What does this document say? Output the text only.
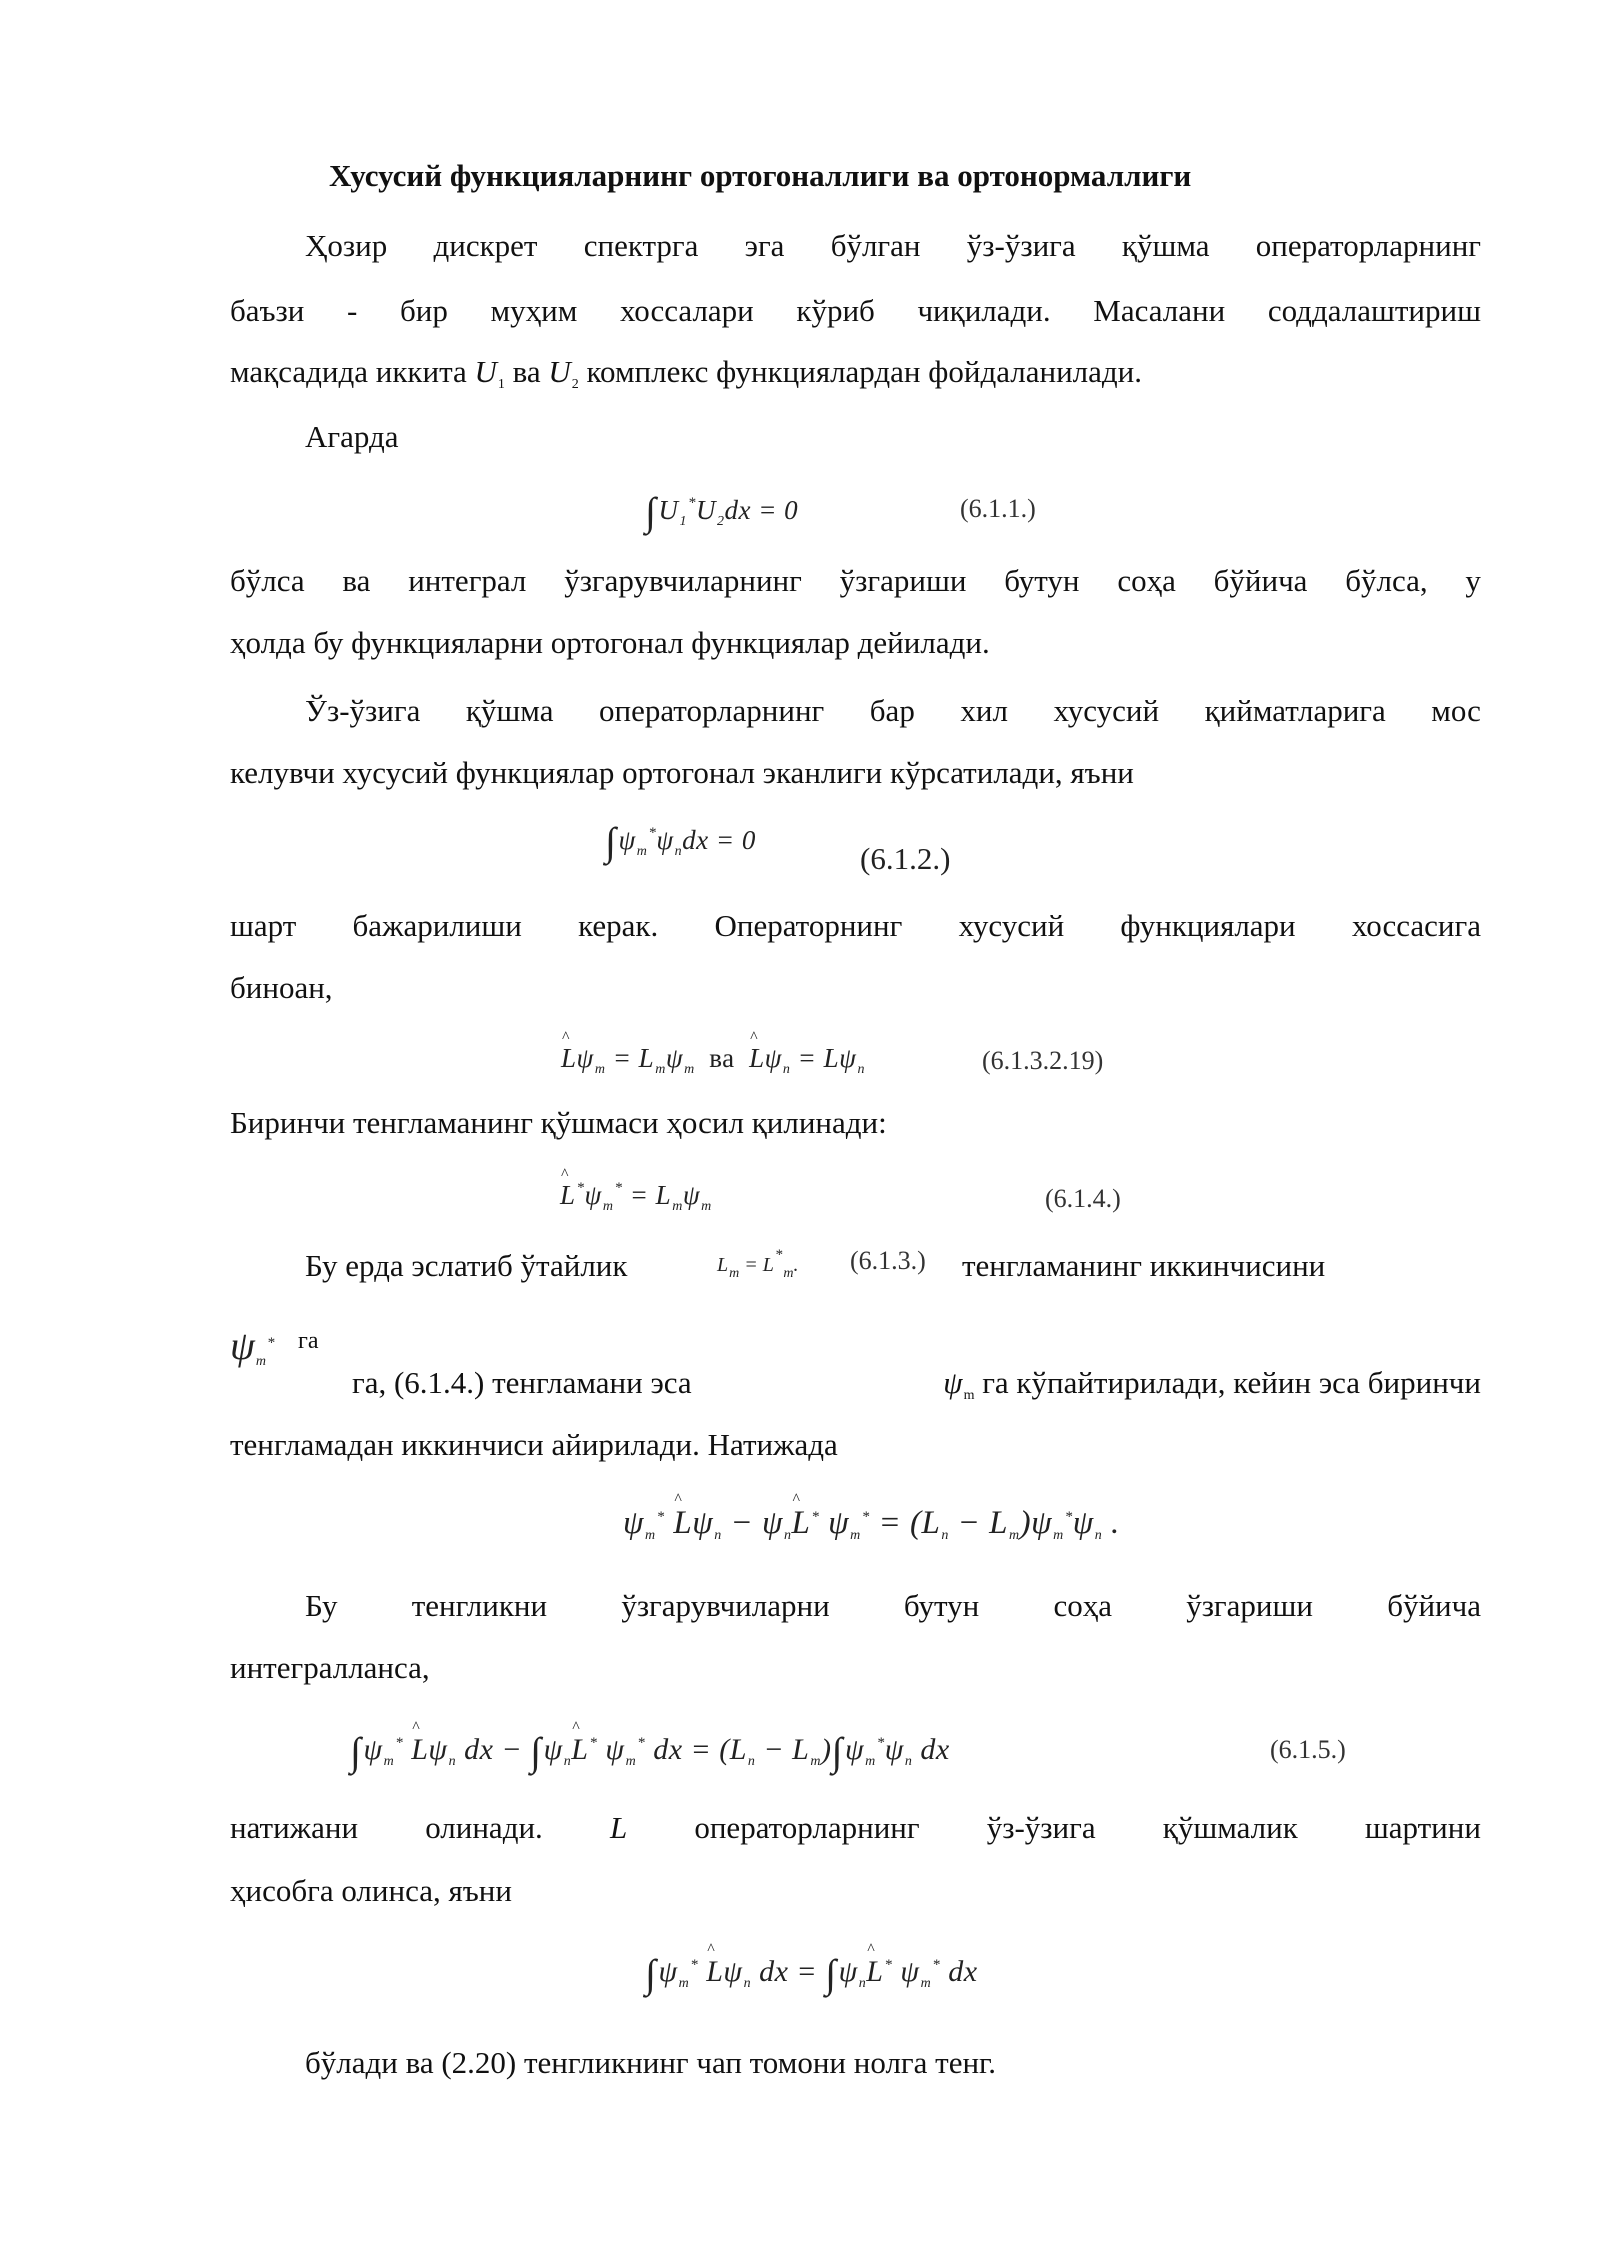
Хусусий функцияларнинг ортогоналлиги ва ортонормаллиги
Ҳозир дискрет спектрга эга бўлган ўз-ўзига қўшма операторларнинг
баъзи - бир муҳим хоссалари кўриб чиқилади. Масалани соддалаштириш
мақсадида иккита $U_1$ ва $U_2$ комплекс функциялардан фойдаланилади.
Агарда
$\int U_1^*U_2dx = 0$	(6.1.1.)
бўлса ва интеграл ўзгарувчиларнинг ўзгариши бутун соҳа бўйича бўлса, у
ҳолда бу функцияларни ортогонал функциялар дейилади.
Ўз-ўзига қўшма операторларнинг бар хил хусусий қийматларига мос
келувчи хусусий функциялар ортогонал эканлиги кўрсатилади, яъни
$\int\psi_m^*\psi_ndx = 0$
(6.1.2.)
шарт бажарилиши керак. Операторнинг хусусий функциялари хоссасига
биноан,
^ $L\psi_m = L_m\psi_m$ ва ^ $L\psi_n = L\psi_n$	(6.1.3.2.19)
Биринчи тенгламанинг қўшмаси ҳосил қилинади:
^ $L^*\psi_m^* = L_m\psi_m$	(6.1.4.)
Бу ерда эслатиб ўтайлик	$L_m = L^*_m$. (6.1.3.) тенгламанинг иккинчисини
$\psi_m^*$ га
га, (6.1.4.) тенгламани эса	$\psi_m$ га кўпайтирилади, кейин эса биринчи
тенгламадан иккинчиси айирилади. Натижада
$\psi_m^*$ ^ $L\psi_n$ − $\psi_n\^{}$ L* $\psi_m^* = (L_n - L_m)\psi_m^*\psi_n$ .
Бу тенгликни ўзгарувчиларни бутун соҳа ўзгариши бўйича
интегралланса,
$\int\psi_m^*$ ^ $L\psi_n$ dx − $\int\psi_n\^{}$ L* $\psi_m^*$ dx = $(L_n - L_m)\int\psi_m^*\psi_n$ dx	(6.1.5.)
натижани олинади. L операторларнинг ўз-ўзига қўшмалик шартини
ҳисобга олинса, яъни
$\int\psi_m^*$ ^ $L\psi_n$ dx = $\int\psi_n\^{}$ L* $\psi_m^*$ dx
бўлади ва (2.20) тенгликнинг чап томони нолга тенг.
